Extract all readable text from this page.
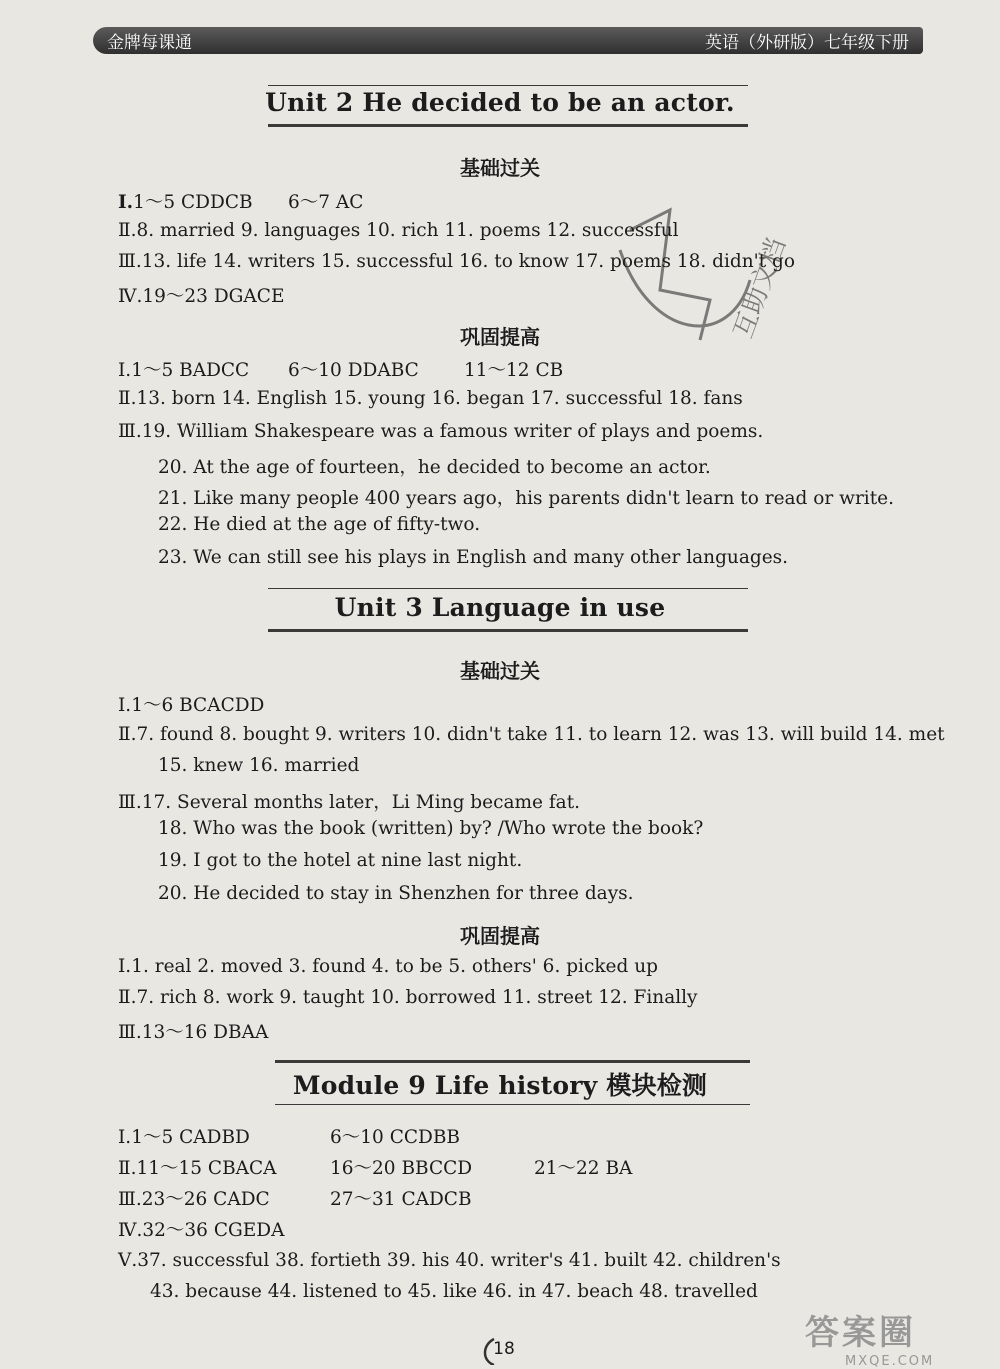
金牌每课通	英语（外研版）七年级下册
Unit 2 He decided to be an actor.
基础过关
Ⅰ.1～5 CDDCB 6～7 AC
Ⅱ.8. married 9. languages 10. rich 11. poems 12. successful
Ⅲ.13. life 14. writers 15. successful 16. to know 17. poems 18. didn't go
Ⅳ.19～23 DGACE
巩固提高
Ⅰ.1～5 BADCC 6～10 DDABC 11～12 CB
Ⅱ.13. born 14. English 15. young 16. began 17. successful 18. fans
Ⅲ.19. William Shakespeare was a famous writer of plays and poems.
20. At the age of fourteen，he decided to become an actor.
21. Like many people 400 years ago，his parents didn't learn to read or write.
22. He died at the age of fifty-two.
23. We can still see his plays in English and many other languages.
Unit 3 Language in use
基础过关
Ⅰ.1～6 BCACDD
Ⅱ.7. found 8. bought 9. writers 10. didn't take 11. to learn 12. was 13. will build 14. met
15. knew 16. married
Ⅲ.17. Several months later，Li Ming became fat.
18. Who was the book (written) by? /Who wrote the book?
19. I got to the hotel at nine last night.
20. He decided to stay in Shenzhen for three days.
巩固提高
Ⅰ.1. real 2. moved 3. found 4. to be 5. others' 6. picked up
Ⅱ.7. rich 8. work 9. taught 10. borrowed 11. street 12. Finally
Ⅲ.13～16 DBAA
Module 9 Life history 模块检测
Ⅰ.1～5 CADBD	6～10 CCDBB
Ⅱ.11～15 CBACA	16～20 BBCCD	21～22 BA
Ⅲ.23～26 CADC	27～31 CADCB
Ⅳ.32～36 CGEDA
Ⅴ.37. successful 38. fortieth 39. his 40. writer's 41. built 42. children's
43. because 44. listened to 45. like 46. in 47. beach 48. travelled
互助文档
18	答案圈
MXQE.COM
